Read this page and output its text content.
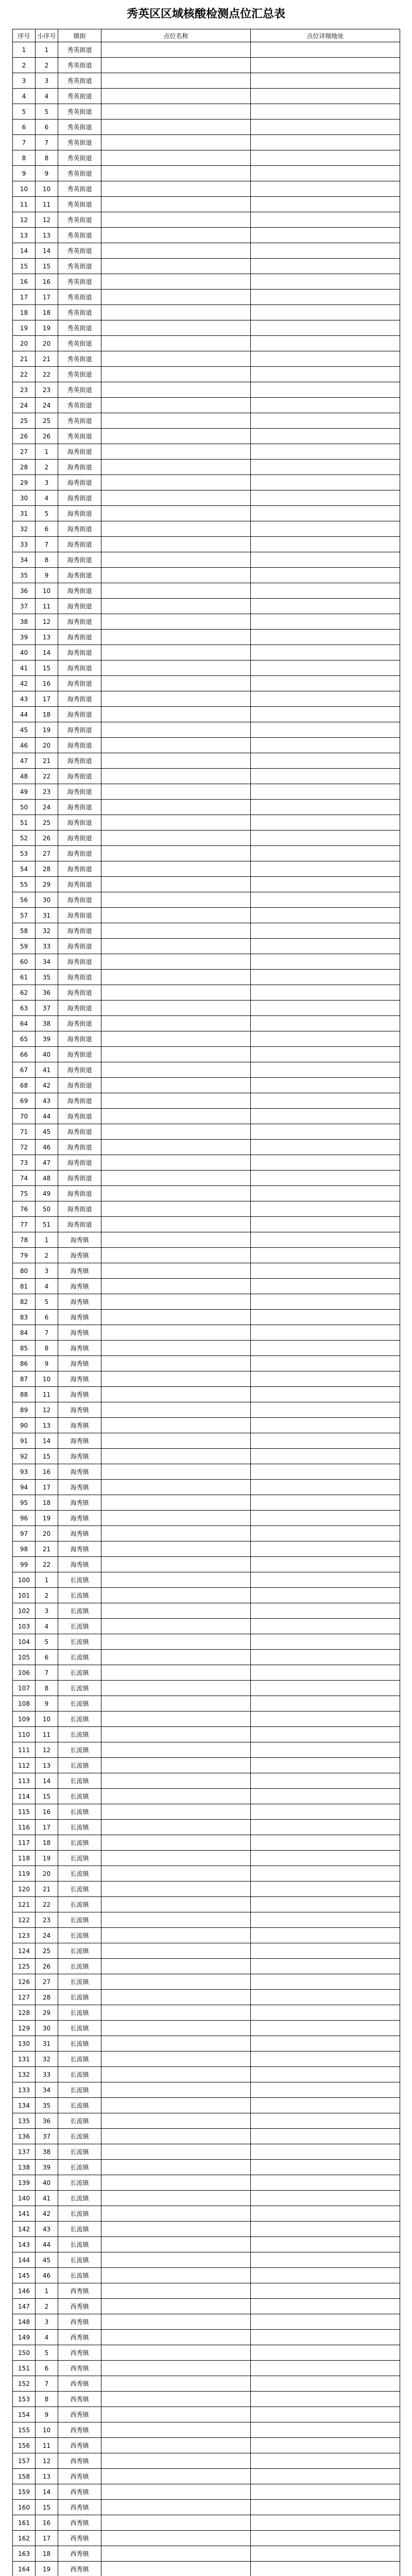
秀英区区域核酸检测点位汇总表
序号	小序号	镇街	点位名称	点位详细地址
1	1	秀英街道		
2	2	秀英街道		
3	3	秀英街道		
4	4	秀英街道		
5	5	秀英街道		
6	6	秀英街道		
7	7	秀英街道		
8	8	秀英街道		
9	9	秀英街道		
10	10	秀英街道		
11	11	秀英街道		
12	12	秀英街道		
13	13	秀英街道		
14	14	秀英街道		
15	15	秀英街道		
16	16	秀英街道		
17	17	秀英街道		
18	18	秀英街道		
19	19	秀英街道		
20	20	秀英街道		
21	21	秀英街道		
22	22	秀英街道		
23	23	秀英街道		
24	24	秀英街道		
25	25	秀英街道		
26	26	秀英街道		
27	1	海秀街道		
28	2	海秀街道		
29	3	海秀街道		
30	4	海秀街道		
31	5	海秀街道		
32	6	海秀街道		
33	7	海秀街道		
34	8	海秀街道		
35	9	海秀街道		
36	10	海秀街道		
37	11	海秀街道		
38	12	海秀街道		
39	13	海秀街道		
40	14	海秀街道		
41	15	海秀街道		
42	16	海秀街道		
43	17	海秀街道		
44	18	海秀街道		
45	19	海秀街道		
46	20	海秀街道		
47	21	海秀街道		
48	22	海秀街道		
49	23	海秀街道		
50	24	海秀街道		
51	25	海秀街道		
52	26	海秀街道		
53	27	海秀街道		
54	28	海秀街道		
55	29	海秀街道		
56	30	海秀街道		
57	31	海秀街道		
58	32	海秀街道		
59	33	海秀街道		
60	34	海秀街道		
61	35	海秀街道		
62	36	海秀街道		
63	37	海秀街道		
64	38	海秀街道		
65	39	海秀街道		
66	40	海秀街道		
67	41	海秀街道		
68	42	海秀街道		
69	43	海秀街道		
70	44	海秀街道		
71	45	海秀街道		
72	46	海秀街道		
73	47	海秀街道		
74	48	海秀街道		
75	49	海秀街道		
76	50	海秀街道		
77	51	海秀街道		
78	1	海秀镇		
79	2	海秀镇		
80	3	海秀镇		
81	4	海秀镇		
82	5	海秀镇		
83	6	海秀镇		
84	7	海秀镇		
85	8	海秀镇		
86	9	海秀镇		
87	10	海秀镇		
88	11	海秀镇		
89	12	海秀镇		
90	13	海秀镇		
91	14	海秀镇		
92	15	海秀镇		
93	16	海秀镇		
94	17	海秀镇		
95	18	海秀镇		
96	19	海秀镇		
97	20	海秀镇		
98	21	海秀镇		
99	22	海秀镇		
100	1	长流镇		
101	2	长流镇		
102	3	长流镇		
103	4	长流镇		
104	5	长流镇		
105	6	长流镇		
106	7	长流镇		
107	8	长流镇		
108	9	长流镇		
109	10	长流镇		
110	11	长流镇		
111	12	长流镇		
112	13	长流镇		
113	14	长流镇		
114	15	长流镇		
115	16	长流镇		
116	17	长流镇		
117	18	长流镇		
118	19	长流镇		
119	20	长流镇		
120	21	长流镇		
121	22	长流镇		
122	23	长流镇		
123	24	长流镇		
124	25	长流镇		
125	26	长流镇		
126	27	长流镇		
127	28	长流镇		
128	29	长流镇		
129	30	长流镇		
130	31	长流镇		
131	32	长流镇		
132	33	长流镇		
133	34	长流镇		
134	35	长流镇		
135	36	长流镇		
136	37	长流镇		
137	38	长流镇		
138	39	长流镇		
139	40	长流镇		
140	41	长流镇		
141	42	长流镇		
142	43	长流镇		
143	44	长流镇		
144	45	长流镇		
145	46	长流镇		
146	1	西秀镇		
147	2	西秀镇		
148	3	西秀镇		
149	4	西秀镇		
150	5	西秀镇		
151	6	西秀镇		
152	7	西秀镇		
153	8	西秀镇		
154	9	西秀镇		
155	10	西秀镇		
156	11	西秀镇		
157	12	西秀镇		
158	13	西秀镇		
159	14	西秀镇		
160	15	西秀镇		
161	16	西秀镇		
162	17	西秀镇		
163	18	西秀镇		
164	19	西秀镇		
